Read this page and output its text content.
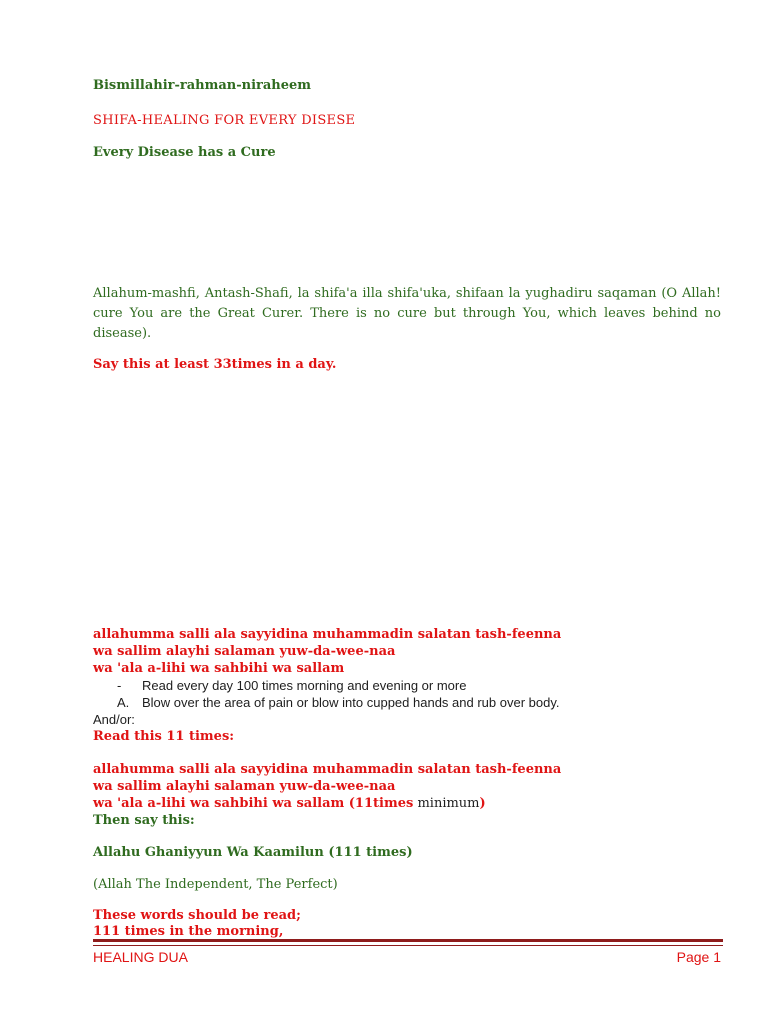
Bismillahir-rahman-niraheem
SHIFA-HEALING FOR EVERY DISESE
Every Disease has a Cure
Allahum-mashfi, Antash-Shafi, la shifa'a illa shifa'uka, shifaan la yughadiru saqaman (O Allah! cure You are the Great Curer. There is no cure but through You, which leaves behind no disease).
Say this at least 33times in a day.
allahumma salli ala sayyidina muhammadin salatan tash-feenna
wa sallim alayhi salaman yuw-da-wee-naa
wa 'ala a-lihi wa sahbihi wa sallam
- Read every day 100 times morning and evening or more
A. Blow over the area of pain or blow into cupped hands and rub over body.
And/or:
Read this 11 times:
allahumma salli ala sayyidina muhammadin salatan tash-feenna
wa sallim alayhi salaman yuw-da-wee-naa
wa 'ala a-lihi wa sahbihi wa sallam (11times minimum)
Then say this:
Allahu Ghaniyyun Wa Kaamilun (111 times)
(Allah The Independent, The Perfect)
These words should be read;
111 times in the morning,
HEALING DUA	Page 1
